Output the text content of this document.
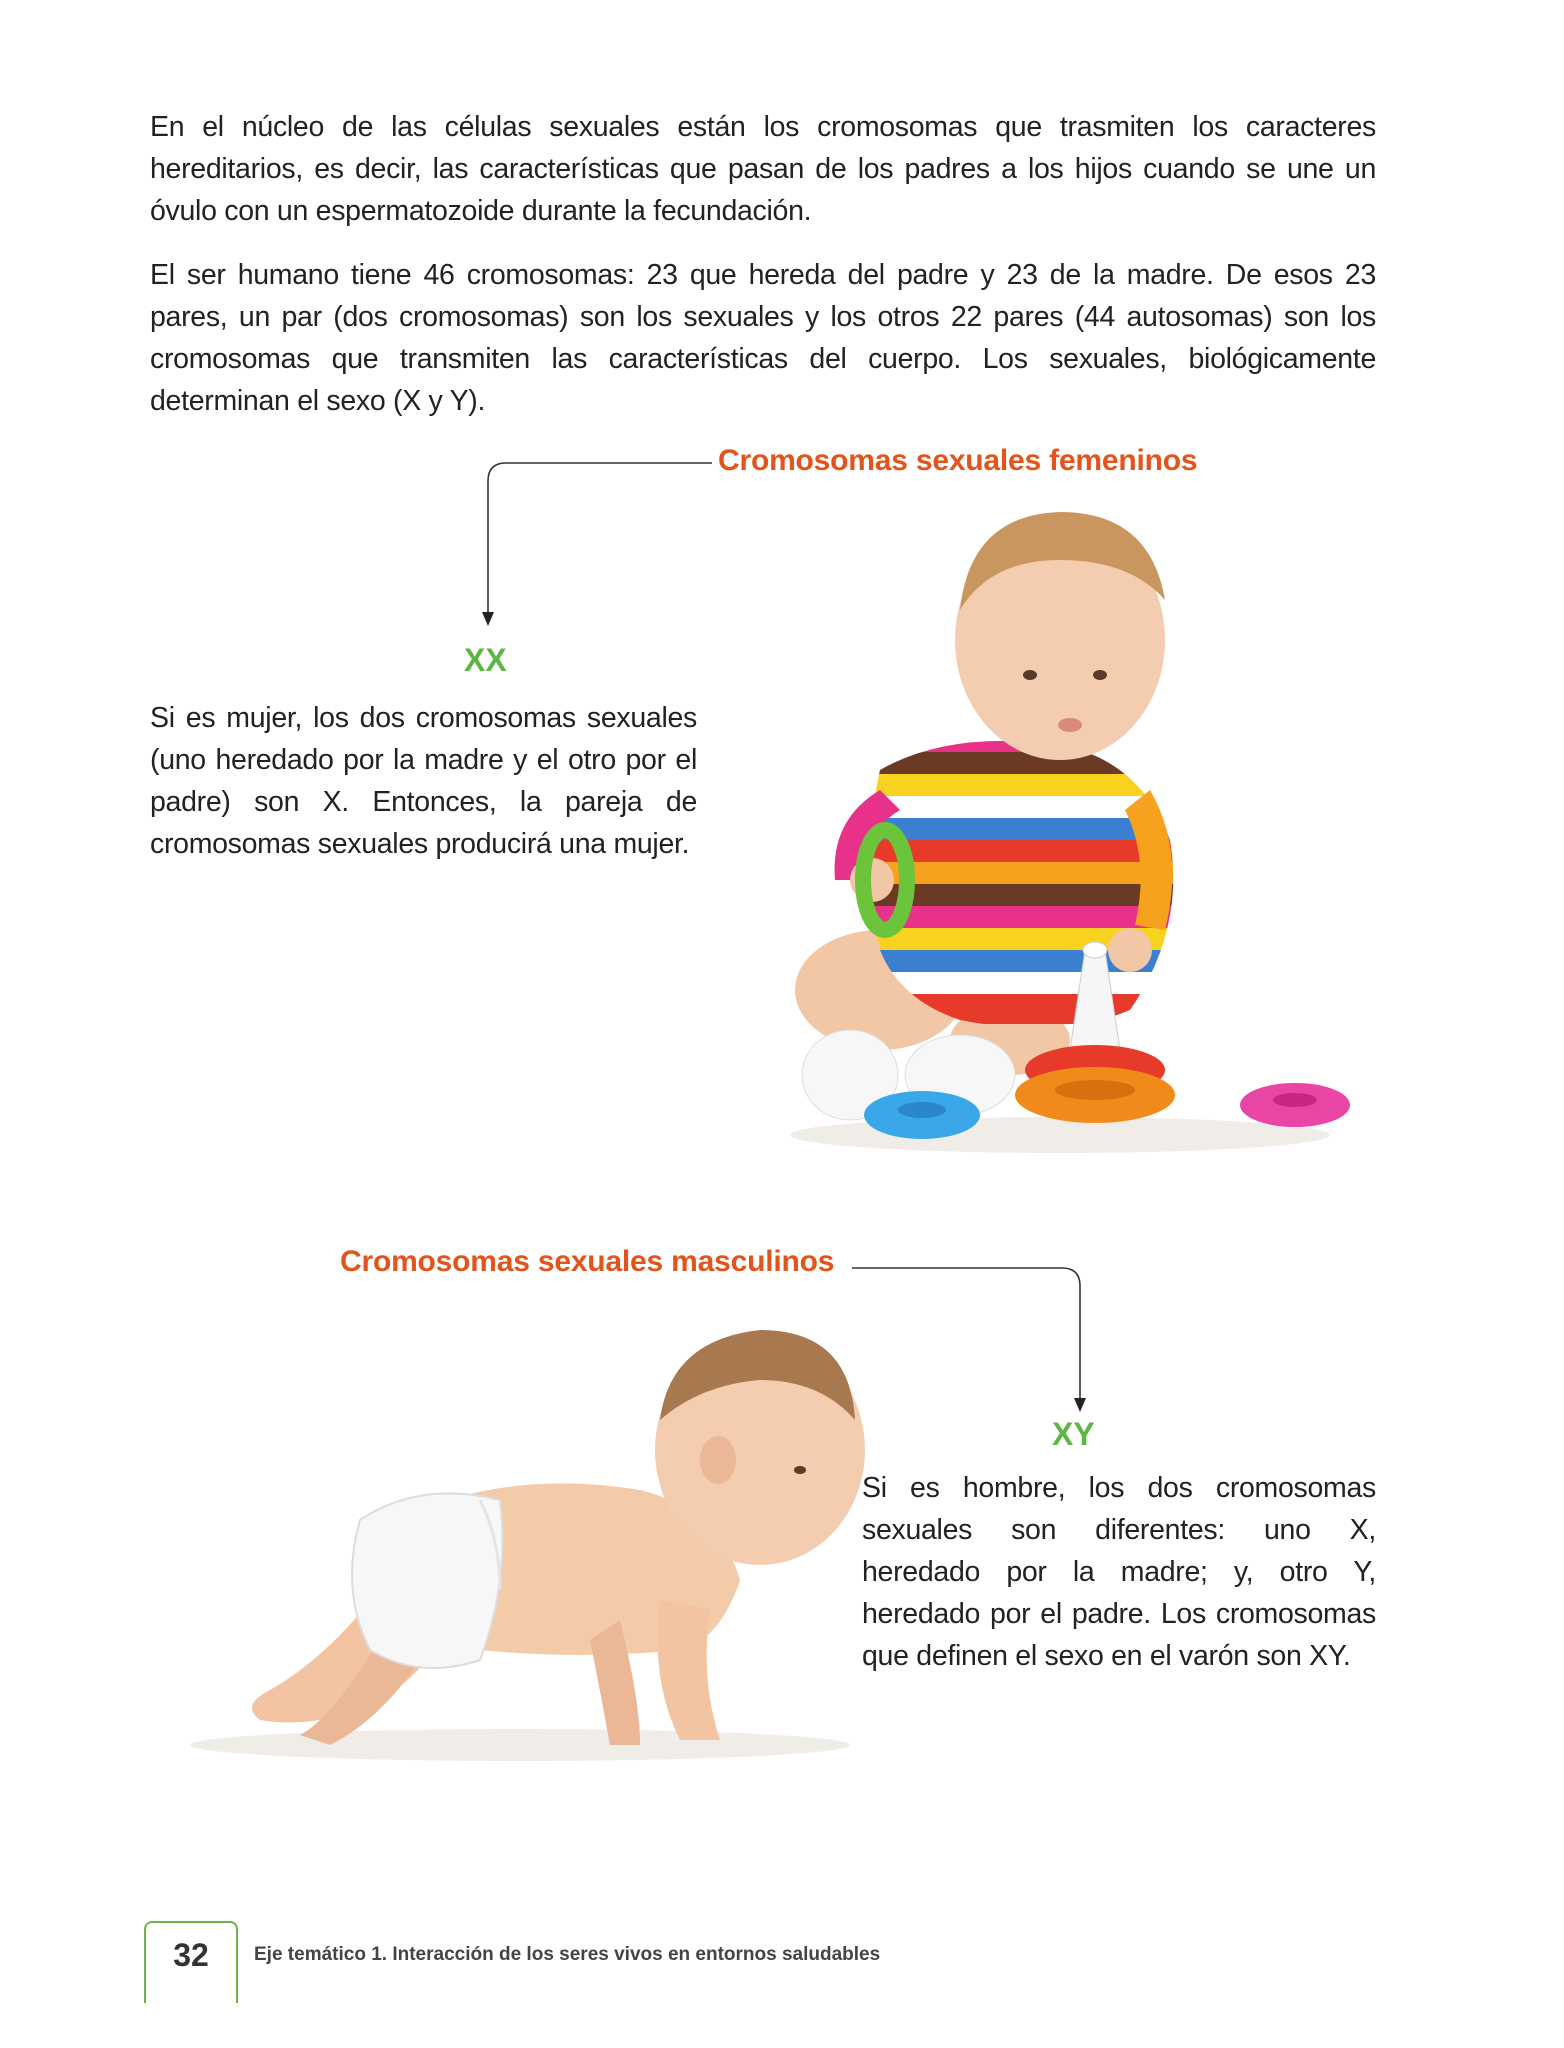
En el núcleo de las células sexuales están los cromosomas que trasmiten los caracteres hereditarios, es decir, las características que pasan de los padres a los hijos cuando se une un óvulo con un espermatozoide durante la fecundación.

El ser humano tiene 46 cromosomas: 23 que hereda del padre y 23 de la madre. De esos 23 pares, un par (dos cromosomas) son los sexuales y los otros 22 pares (44 autosomas) son los cromosomas que transmiten las características del cuerpo. Los sexuales, biológicamente determinan el sexo (X y Y).

Cromosomas sexuales femeninos
XX

Si es mujer, los dos cromosomas sexuales (uno heredado por la madre y el otro por el padre) son X. Entonces, la pareja de cromosomas sexuales producirá una mujer.

Cromosomas sexuales masculinos
XY

Si es hombre, los dos cromosomas sexuales son diferentes: uno X, heredado por la madre; y, otro Y, heredado por el padre. Los cromosomas que definen el sexo en el varón son XY.

32	Eje temático 1. Interacción de los seres vivos en entornos saludables
